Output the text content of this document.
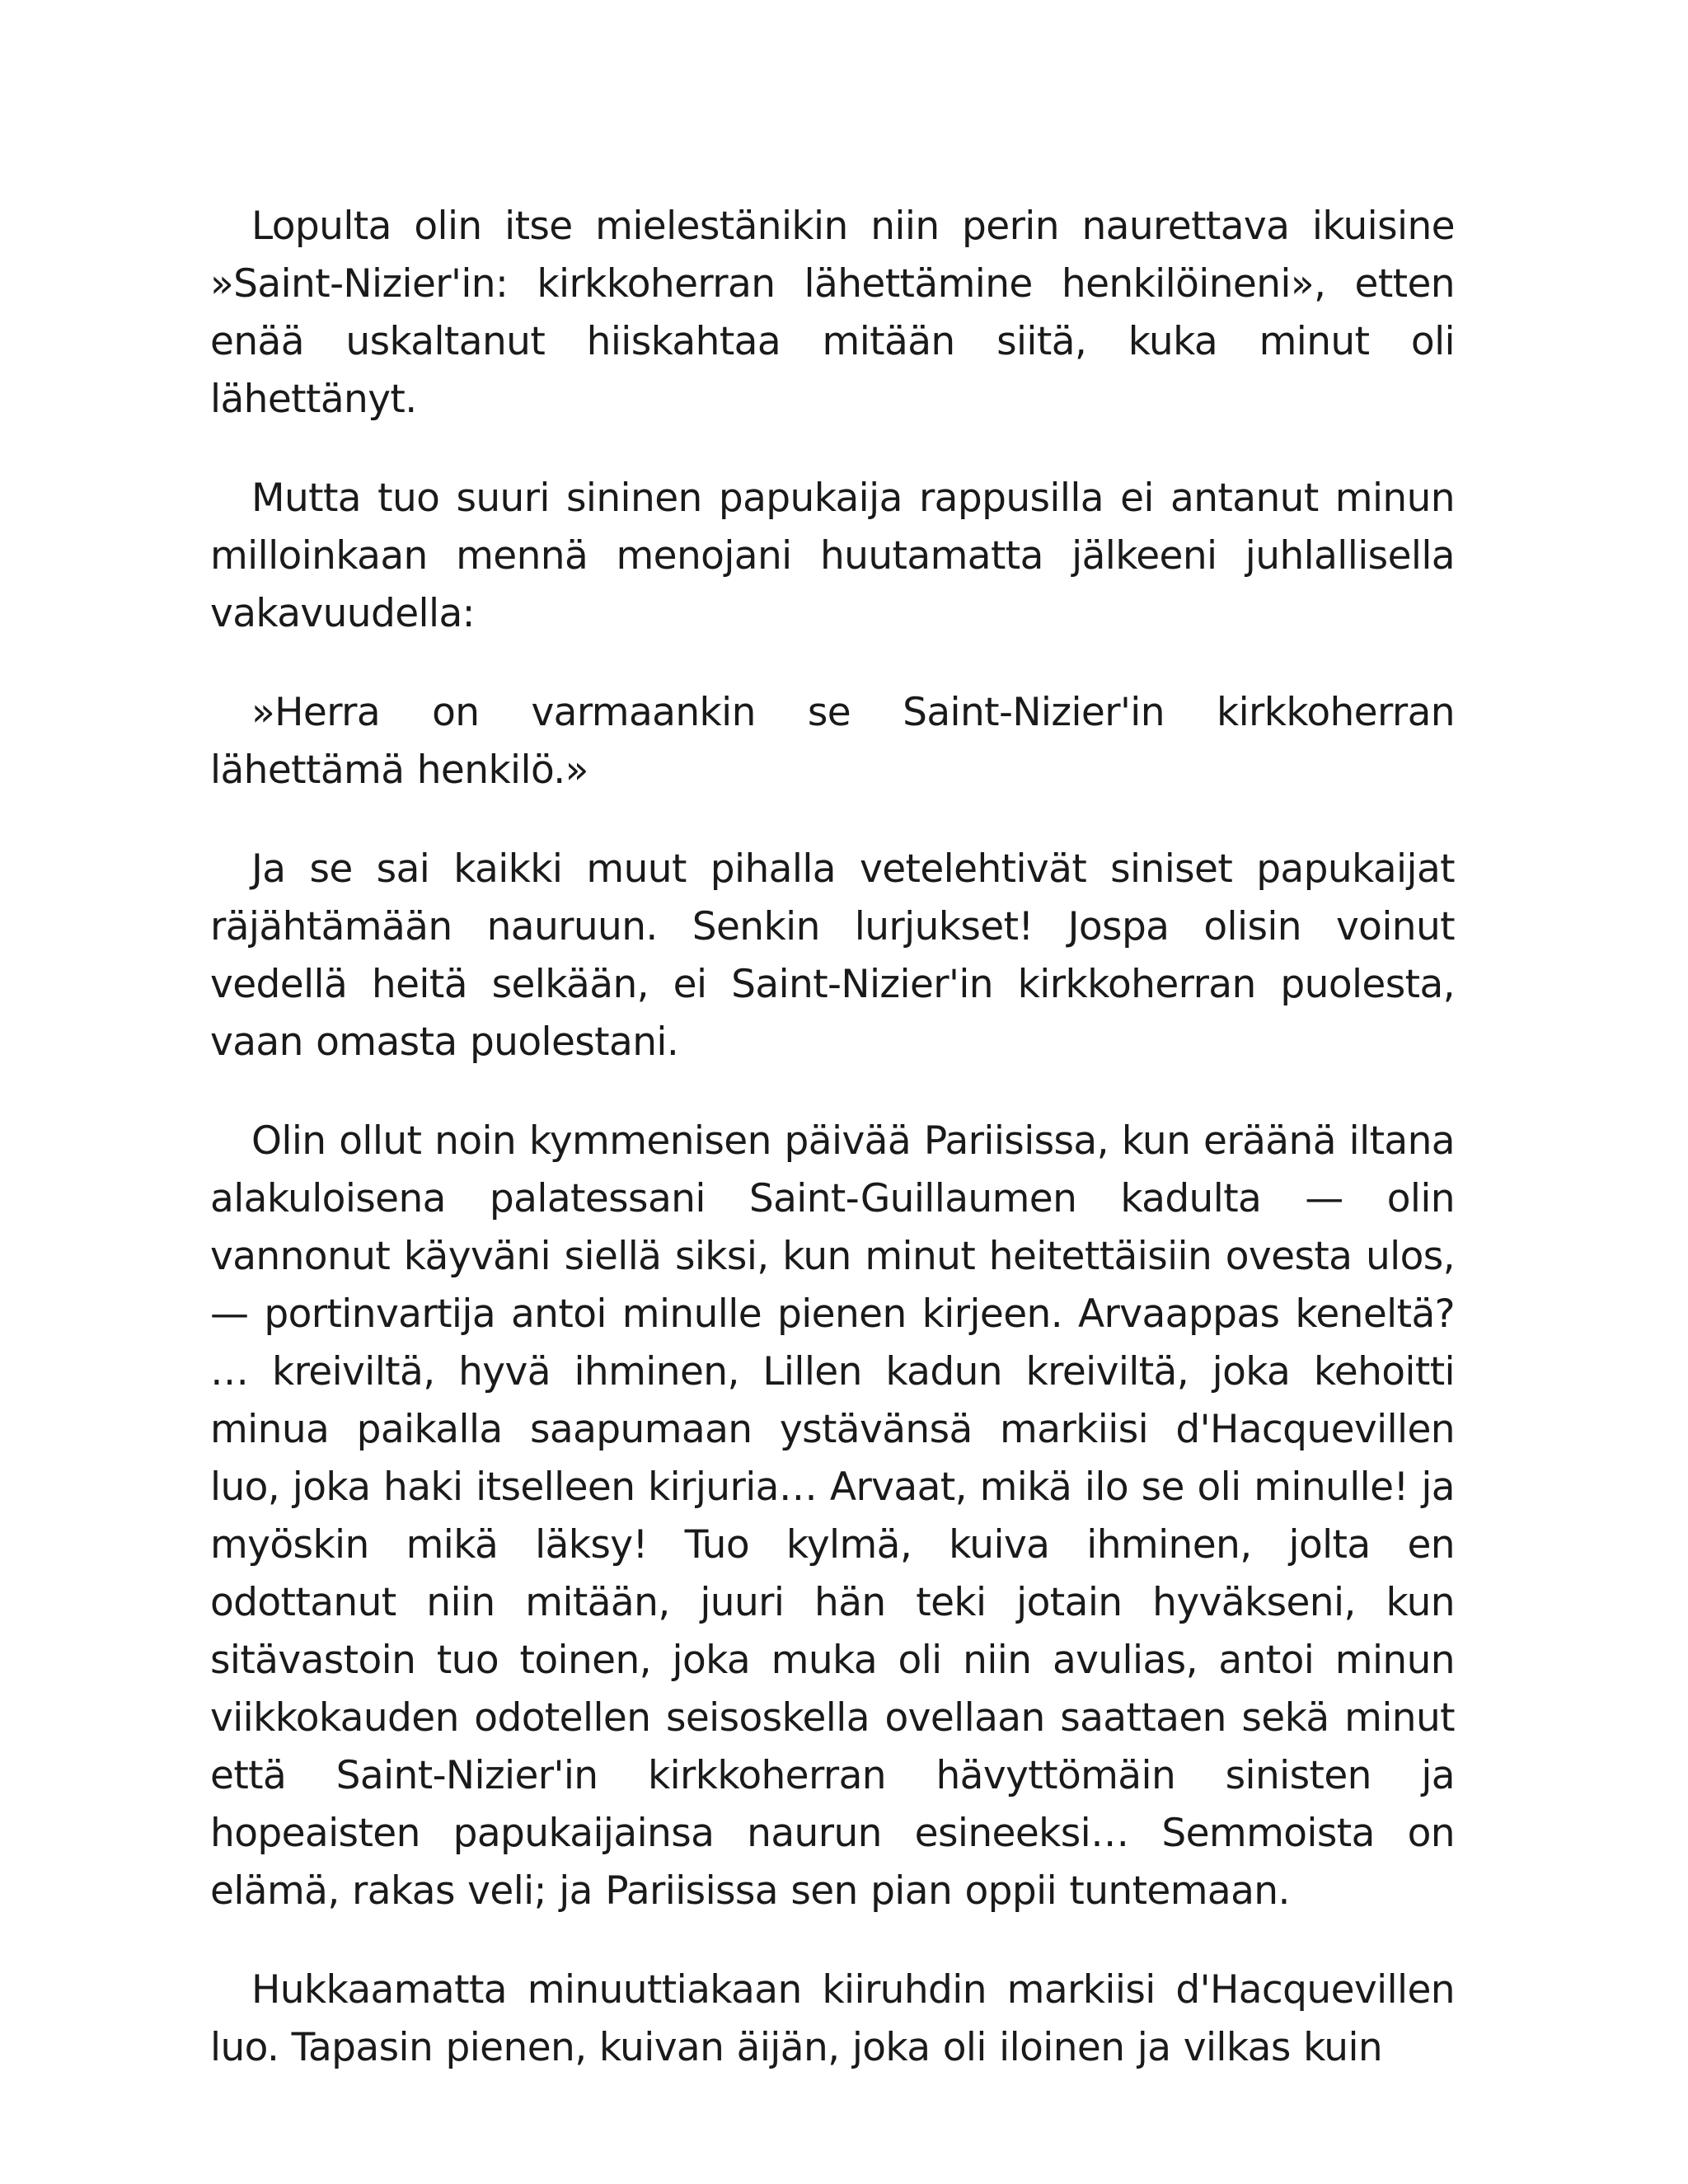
Lopulta olin itse mielestänikin niin perin naurettava ikuisine »Saint-Nizier'in: kirkkoherran lähettämine henkilöineni», etten enää uskaltanut hiiskahtaa mitään siitä, kuka minut oli lähettänyt.

Mutta tuo suuri sininen papukaija rappusilla ei antanut minun milloinkaan mennä menojani huutamatta jälkeeni juhlallisella vakavuudella:

»Herra on varmaankin se Saint-Nizier'in kirkkoherran lähettämä henkilö.»

Ja se sai kaikki muut pihalla vetelehtivät siniset papukaijat räjähtämään nauruun. Senkin lurjukset! Jospa olisin voinut vedellä heitä selkään, ei Saint-Nizier'in kirkkoherran puolesta, vaan omasta puolestani.

Olin ollut noin kymmenisen päivää Pariisissa, kun eräänä iltana alakuloisena palatessani Saint-Guillaumen kadulta — olin vannonut käyväni siellä siksi, kun minut heitettäisiin ovesta ulos, — portinvartija antoi minulle pienen kirjeen. Arvaappas keneltä? … kreiviltä, hyvä ihminen, Lillen kadun kreiviltä, joka kehoitti minua paikalla saapumaan ystävänsä markiisi d'Hacquevillen luo, joka haki itselleen kirjuria… Arvaat, mikä ilo se oli minulle! ja myöskin mikä läksy! Tuo kylmä, kuiva ihminen, jolta en odottanut niin mitään, juuri hän teki jotain hyväkseni, kun sitävastoin tuo toinen, joka muka oli niin avulias, antoi minun viikkokauden odotellen seisoskella ovellaan saattaen sekä minut että Saint-Nizier'in kirkkoherran hävyttömäin sinisten ja hopeaisten papukaijainsa naurun esineeksi… Semmoista on elämä, rakas veli; ja Pariisissa sen pian oppii tuntemaan.

Hukkaamatta minuuttiakaan kiiruhdin markiisi d'Hacquevillen luo. Tapasin pienen, kuivan äijän, joka oli iloinen ja vilkas kuin
